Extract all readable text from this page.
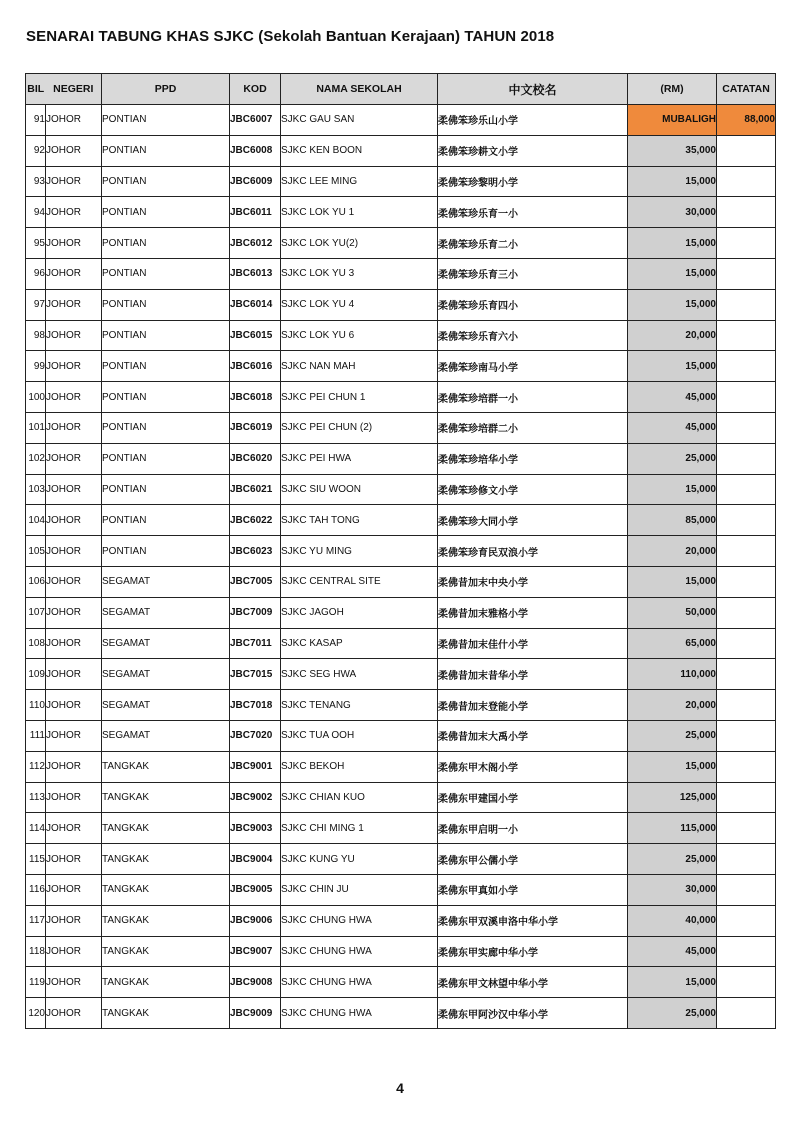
SENARAI TABUNG KHAS SJKC (Sekolah Bantuan Kerajaan) TAHUN 2018
BIL	NEGERI	PPD	KOD	NAMA SEKOLAH	中文校名	(RM)	CATATAN
91	JOHOR	PONTIAN	JBC6007	SJKC GAU SAN	柔佛笨珍乐山小学	MUBALIGH	88,000
92	JOHOR	PONTIAN	JBC6008	SJKC KEN BOON	柔佛笨珍耕文小学	35,000	
93	JOHOR	PONTIAN	JBC6009	SJKC LEE MING	柔佛笨珍黎明小学	15,000	
94	JOHOR	PONTIAN	JBC6011	SJKC LOK YU 1	柔佛笨珍乐育一小	30,000	
95	JOHOR	PONTIAN	JBC6012	SJKC LOK YU(2)	柔佛笨珍乐育二小	15,000	
96	JOHOR	PONTIAN	JBC6013	SJKC LOK YU 3	柔佛笨珍乐育三小	15,000	
97	JOHOR	PONTIAN	JBC6014	SJKC LOK YU 4	柔佛笨珍乐育四小	15,000	
98	JOHOR	PONTIAN	JBC6015	SJKC LOK YU 6	柔佛笨珍乐育六小	20,000	
99	JOHOR	PONTIAN	JBC6016	SJKC NAN MAH	柔佛笨珍南马小学	15,000	
100	JOHOR	PONTIAN	JBC6018	SJKC PEI CHUN 1	柔佛笨珍培群一小	45,000	
101	JOHOR	PONTIAN	JBC6019	SJKC PEI CHUN (2)	柔佛笨珍培群二小	45,000	
102	JOHOR	PONTIAN	JBC6020	SJKC PEI HWA	柔佛笨珍培华小学	25,000	
103	JOHOR	PONTIAN	JBC6021	SJKC SIU WOON	柔佛笨珍修文小学	15,000	
104	JOHOR	PONTIAN	JBC6022	SJKC TAH TONG	柔佛笨珍大同小学	85,000	
105	JOHOR	PONTIAN	JBC6023	SJKC YU MING	柔佛笨珍育民双浪小学	20,000	
106	JOHOR	SEGAMAT	JBC7005	SJKC CENTRAL SITE	柔佛昔加末中央小学	15,000	
107	JOHOR	SEGAMAT	JBC7009	SJKC JAGOH	柔佛昔加末雅格小学	50,000	
108	JOHOR	SEGAMAT	JBC7011	SJKC KASAP	柔佛昔加末佳什小学	65,000	
109	JOHOR	SEGAMAT	JBC7015	SJKC SEG HWA	柔佛昔加末昔华小学	110,000	
110	JOHOR	SEGAMAT	JBC7018	SJKC TENANG	柔佛昔加末登能小学	20,000	
111	JOHOR	SEGAMAT	JBC7020	SJKC TUA OOH	柔佛昔加末大禹小学	25,000	
112	JOHOR	TANGKAK	JBC9001	SJKC BEKOH	柔佛东甲木阁小学	15,000	
113	JOHOR	TANGKAK	JBC9002	SJKC CHIAN KUO	柔佛东甲建国小学	125,000	
114	JOHOR	TANGKAK	JBC9003	SJKC CHI MING 1	柔佛东甲启明一小	115,000	
115	JOHOR	TANGKAK	JBC9004	SJKC KUNG YU	柔佛东甲公儒小学	25,000	
116	JOHOR	TANGKAK	JBC9005	SJKC CHIN JU	柔佛东甲真如小学	30,000	
117	JOHOR	TANGKAK	JBC9006	SJKC CHUNG HWA	柔佛东甲双溪申洛中华小学	40,000	
118	JOHOR	TANGKAK	JBC9007	SJKC CHUNG HWA	柔佛东甲实廊中华小学	45,000	
119	JOHOR	TANGKAK	JBC9008	SJKC CHUNG HWA	柔佛东甲文林望中华小学	15,000	
120	JOHOR	TANGKAK	JBC9009	SJKC CHUNG HWA	柔佛东甲阿沙汉中华小学	25,000	
4
